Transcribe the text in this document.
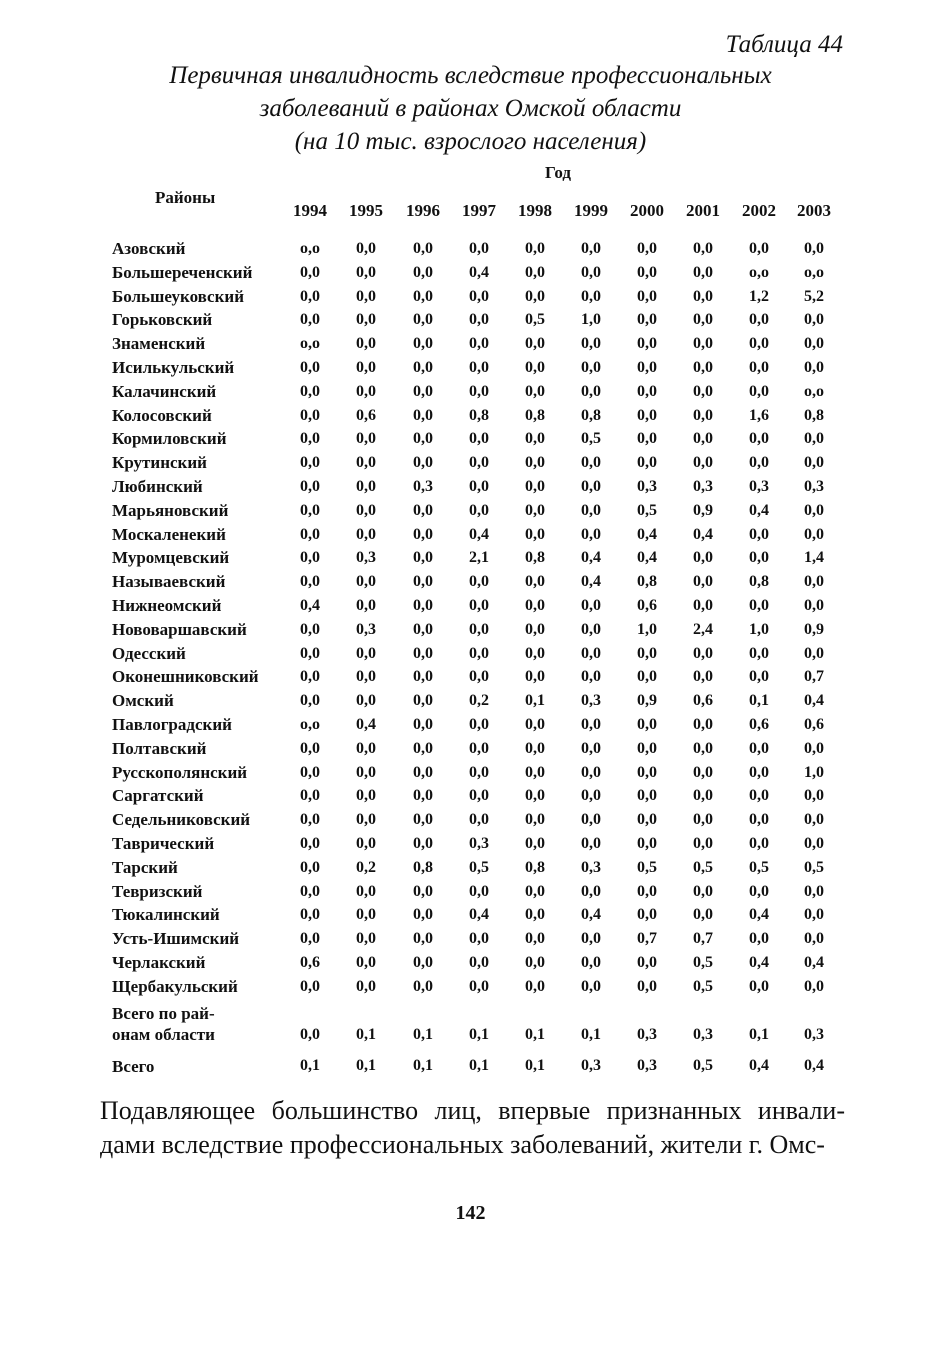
Таблица 44
Первичная инвалидность вследствие профессиональных
заболеваний в районах Омской области
(на 10 тыс. взрослого населения)
Год
Районы
1994	1995	1996	1997	1998	1999	2000	2001	2002	2003
Азовский	о,о	0,0	0,0	0,0	0,0	0,0	0,0	0,0	0,0	0,0
Большереченский	0,0	0,0	0,0	0,4	0,0	0,0	0,0	0,0	о,о	о,о
Большеуковский	0,0	0,0	0,0	0,0	0,0	0,0	0,0	0,0	1,2	5,2
Горьковский	0,0	0,0	0,0	0,0	0,5	1,0	0,0	0,0	0,0	0,0
Знаменский	о,о	0,0	0,0	0,0	0,0	0,0	0,0	0,0	0,0	0,0
Исилькульский	0,0	0,0	0,0	0,0	0,0	0,0	0,0	0,0	0,0	0,0
Калачинский	0,0	0,0	0,0	0,0	0,0	0,0	0,0	0,0	0,0	о,о
Колосовский	0,0	0,6	0,0	0,8	0,8	0,8	0,0	0,0	1,6	0,8
Кормиловский	0,0	0,0	0,0	0,0	0,0	0,5	0,0	0,0	0,0	0,0
Крутинский	0,0	0,0	0,0	0,0	0,0	0,0	0,0	0,0	0,0	0,0
Любинский	0,0	0,0	0,3	0,0	0,0	0,0	0,3	0,3	0,3	0,3
Марьяновский	0,0	0,0	0,0	0,0	0,0	0,0	0,5	0,9	0,4	0,0
Москаленекий	0,0	0,0	0,0	0,4	0,0	0,0	0,4	0,4	0,0	0,0
Муромцевский	0,0	0,3	0,0	2,1	0,8	0,4	0,4	0,0	0,0	1,4
Называевский	0,0	0,0	0,0	0,0	0,0	0,4	0,8	0,0	0,8	0,0
Нижнеомский	0,4	0,0	0,0	0,0	0,0	0,0	0,6	0,0	0,0	0,0
Нововаршавский	0,0	0,3	0,0	0,0	0,0	0,0	1,0	2,4	1,0	0,9
Одесский	0,0	0,0	0,0	0,0	0,0	0,0	0,0	0,0	0,0	0,0
Оконешниковский	0,0	0,0	0,0	0,0	0,0	0,0	0,0	0,0	0,0	0,7
Омский	0,0	0,0	0,0	0,2	0,1	0,3	0,9	0,6	0,1	0,4
Павлоградский	о,о	0,4	0,0	0,0	0,0	0,0	0,0	0,0	0,6	0,6
Полтавский	0,0	0,0	0,0	0,0	0,0	0,0	0,0	0,0	0,0	0,0
Русскополянский	0,0	0,0	0,0	0,0	0,0	0,0	0,0	0,0	0,0	1,0
Саргатский	0,0	0,0	0,0	0,0	0,0	0,0	0,0	0,0	0,0	0,0
Седельниковский	0,0	0,0	0,0	0,0	0,0	0,0	0,0	0,0	0,0	0,0
Таврический	0,0	0,0	0,0	0,3	0,0	0,0	0,0	0,0	0,0	0,0
Тарский	0,0	0,2	0,8	0,5	0,8	0,3	0,5	0,5	0,5	0,5
Тевризский	0,0	0,0	0,0	0,0	0,0	0,0	0,0	0,0	0,0	0,0
Тюкалинский	0,0	0,0	0,0	0,4	0,0	0,4	0,0	0,0	0,4	0,0
Усть-Ишимский	0,0	0,0	0,0	0,0	0,0	0,0	0,7	0,7	0,0	0,0
Черлакский	0,6	0,0	0,0	0,0	0,0	0,0	0,0	0,5	0,4	0,4
Щербакульский	0,0	0,0	0,0	0,0	0,0	0,0	0,0	0,5	0,0	0,0
Всего по рай-
онам области	0,0	0,1	0,1	0,1	0,1	0,1	0,3	0,3	0,1	0,3
Всего	0,1	0,1	0,1	0,1	0,1	0,3	0,3	0,5	0,4	0,4
Подавляющее большинство лиц, впервые признанных инвали-дами вследствие профессиональных заболеваний, жители г. Омс-
142
